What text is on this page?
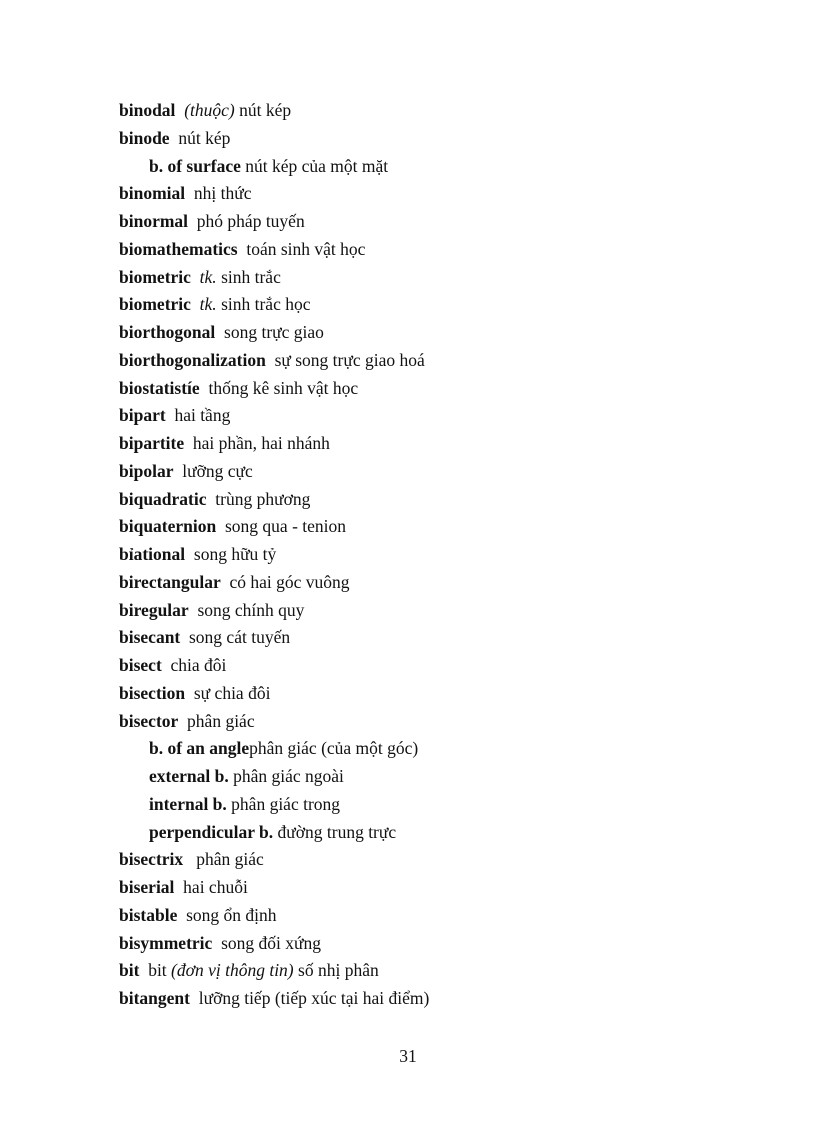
binodal (thuộc) nút kép
binode  nút kép
b. of surface nút kép của một mặt
binomial  nhị thức
binormal  phó pháp tuyến
biomathematics  toán sinh vật học
biometric tk. sinh trắc
biometric tk. sinh trắc học
biorthogonal  song trực giao
biorthogonalization  sự song trực giao hoá
biostatistíe  thống kê sinh vật học
bipart  hai tầng
bipartite  hai phần, hai nhánh
bipolar  lưỡng cực
biquadratic  trùng phương
biquaternion  song qua - tenion
bỉational  song hữu tỷ
birectangular  có hai góc vuông
biregular  song chính quy
bisecant  song cát tuyến
bisect  chia đôi
bisection  sự chia đôi
bisector  phân giác
b. of an anglephân giác (của một góc)
external b. phân giác ngoài
internal b. phân giác trong
perpendicular b. đường trung trực
bisectrix   phân giác
biserial  hai chuỗi
bistable  song ổn định
bisymmetric  song đối xứng
bit  bit (đơn vị thông tin) số nhị phân
bitangent  lưỡng tiếp (tiếp xúc tại hai điểm)
31
